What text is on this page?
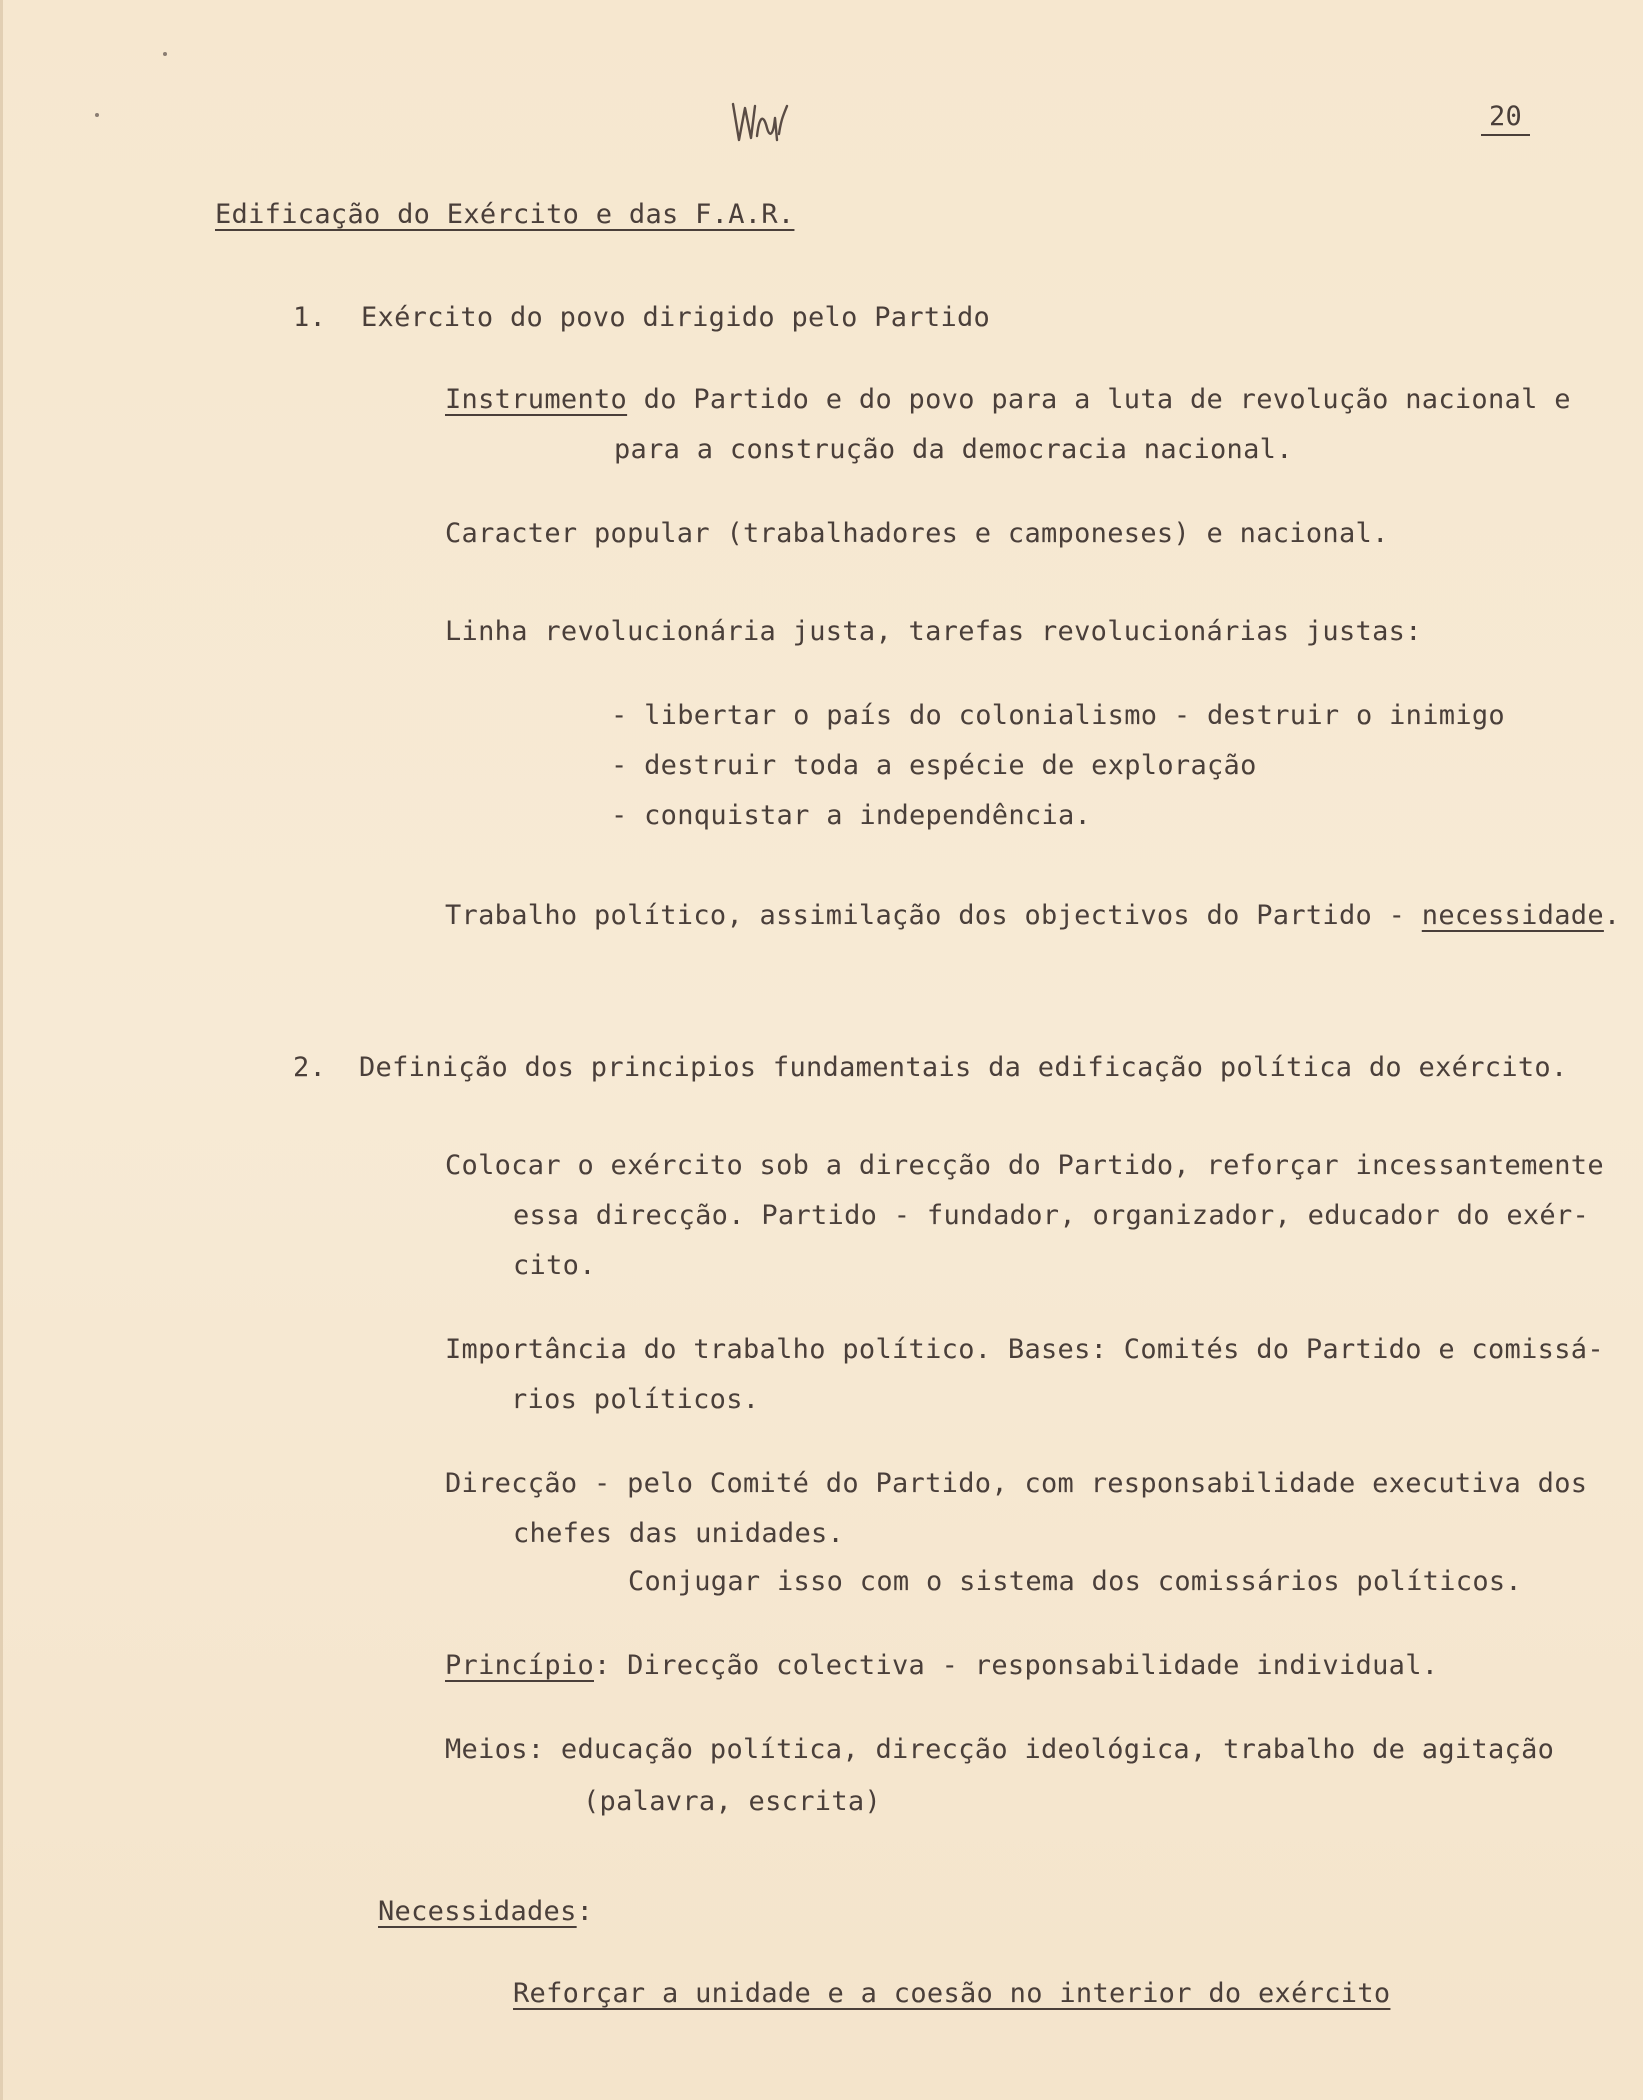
20
Edificação do Exército e das F.A.R.
1. Exército do povo dirigido pelo Partido
Instrumento do Partido e do povo para a luta de revolução nacional e
para a construção da democracia nacional.
Caracter popular (trabalhadores e camponeses) e nacional.
Linha revolucionária justa, tarefas revolucionárias justas:
- libertar o país do colonialismo - destruir o inimigo
- destruir toda a espécie de exploração
- conquistar a independência.
Trabalho político, assimilação dos objectivos do Partido - necessidade.
2. Definição dos principios fundamentais da edificação política do exército.
Colocar o exército sob a direcção do Partido, reforçar incessantemente
essa direcção. Partido - fundador, organizador, educador do exér-
cito.
Importância do trabalho político. Bases: Comités do Partido e comissá-
rios políticos.
Direcção - pelo Comité do Partido, com responsabilidade executiva dos
chefes das unidades.
Conjugar isso com o sistema dos comissários políticos.
Princípio: Direcção colectiva - responsabilidade individual.
Meios: educação política, direcção ideológica, trabalho de agitação
(palavra, escrita)
Necessidades:
Reforçar a unidade e a coesão no interior do exército
